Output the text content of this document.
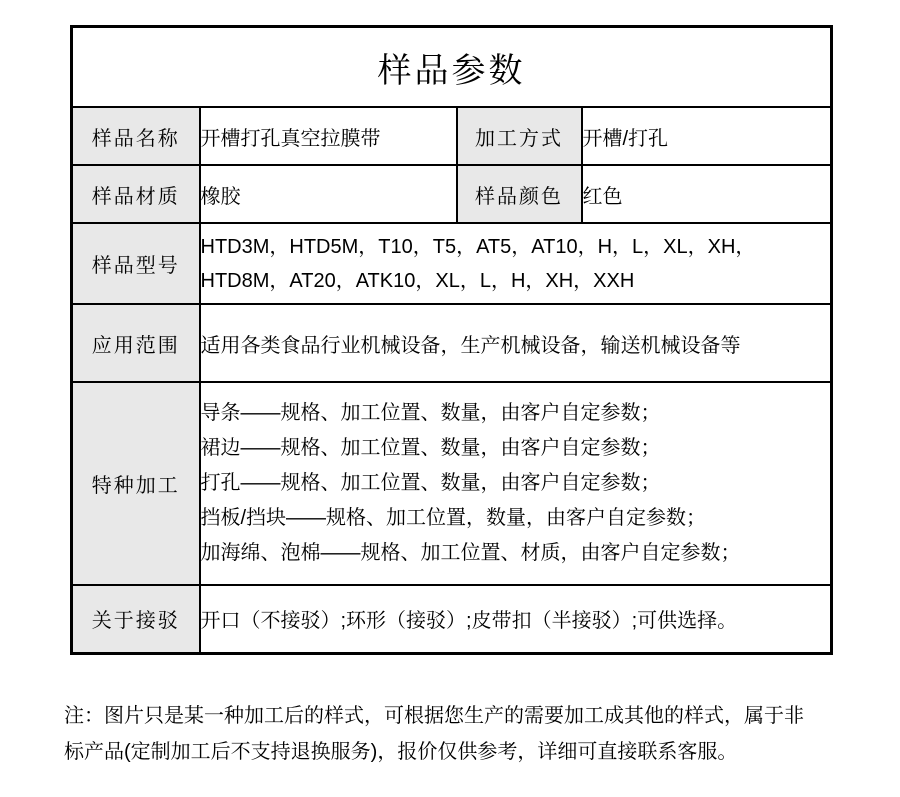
样品参数			
样品名称	开槽打孔真空拉膜带	加工方式	开槽/打孔
样品材质	橡胶	样品颜色	红色
样品型号	HTD3M，HTD5M，T10，T5，AT5，AT10，H，L，XL，XH，
HTD8M，AT20，ATK10，XL，L，H，XH，XXH		

应用范围	适用各类食品行业机械设备，生产机械设备，输送机械设备等		
特种加工	导条——规格、加工位置、数量，由客户自定参数；
裙边——规格、加工位置、数量，由客户自定参数；
打孔——规格、加工位置、数量，由客户自定参数；
挡板/挡块——规格、加工位置，数量，由客户自定参数；
加海绵、泡棉——规格、加工位置、材质，由客户自定参数；		

关于接驳	开口（不接驳）;环形（接驳）;皮带扣（半接驳）;可供选择。		
注：图片只是某一种加工后的样式，可根据您生产的需要加工成其他的样式，属于非
标产品(定制加工后不支持退换服务)，报价仅供参考，详细可直接联系客服。
